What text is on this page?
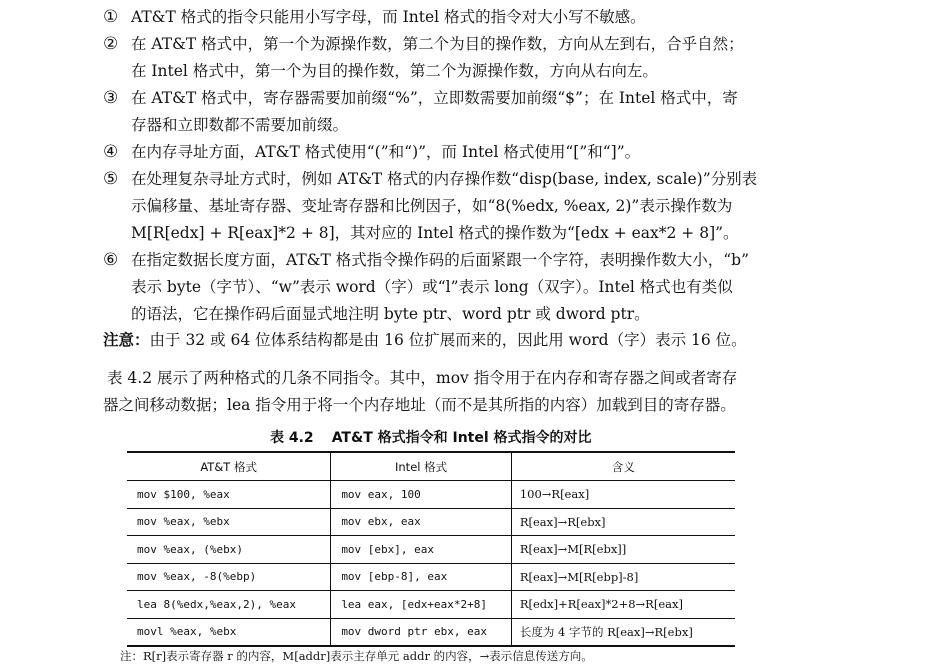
① AT&T 格式的指令只能用小写字母，而 Intel 格式的指令对大小写不敏感。
② 在 AT&T 格式中，第一个为源操作数，第二个为目的操作数，方向从左到右，合乎自然；
在 Intel 格式中，第一个为目的操作数，第二个为源操作数，方向从右向左。
③ 在 AT&T 格式中，寄存器需要加前缀“%”，立即数需要加前缀“$”；在 Intel 格式中，寄
存器和立即数都不需要加前缀。
④ 在内存寻址方面，AT&T 格式使用“(”和“)”，而 Intel 格式使用“[”和“]”。
⑤ 在处理复杂寻址方式时，例如 AT&T 格式的内存操作数“disp(base, index, scale)”分别表
示偏移量、基址寄存器、变址寄存器和比例因子，如“8(%edx, %eax, 2)”表示操作数为
M[R[edx] + R[eax]*2 + 8]，其对应的 Intel 格式的操作数为“[edx + eax*2 + 8]”。
⑥ 在指定数据长度方面，AT&T 格式指令操作码的后面紧跟一个字符，表明操作数大小，“b”
表示 byte（字节）、“w”表示 word（字）或“l”表示 long（双字）。Intel 格式也有类似
的语法，它在操作码后面显式地注明 byte ptr、word ptr 或 dword ptr。
注意：由于 32 或 64 位体系结构都是由 16 位扩展而来的，因此用 word（字）表示 16 位。
表 4.2 展示了两种格式的几条不同指令。其中，mov 指令用于在内存和寄存器之间或者寄存
器之间移动数据；lea 指令用于将一个内存地址（而不是其所指的内容）加载到目的寄存器。
表 4.2 AT&T 格式指令和 Intel 格式指令的对比
AT&T 格式	Intel 格式	含义
mov $100, %eax	mov eax, 100	100→R[eax]
mov %eax, %ebx	mov ebx, eax	R[eax]→R[ebx]
mov %eax, (%ebx)	mov [ebx], eax	R[eax]→M[R[ebx]]
mov %eax, -8(%ebp)	mov [ebp-8], eax	R[eax]→M[R[ebp]-8]
lea 8(%edx,%eax,2), %eax	lea eax, [edx+eax*2+8]	R[edx]+R[eax]*2+8→R[eax]
movl %eax, %ebx	mov dword ptr ebx, eax	长度为 4 字节的 R[eax]→R[ebx]
注：R[r]表示寄存器 r 的内容，M[addr]表示主存单元 addr 的内容，→表示信息传送方向。
